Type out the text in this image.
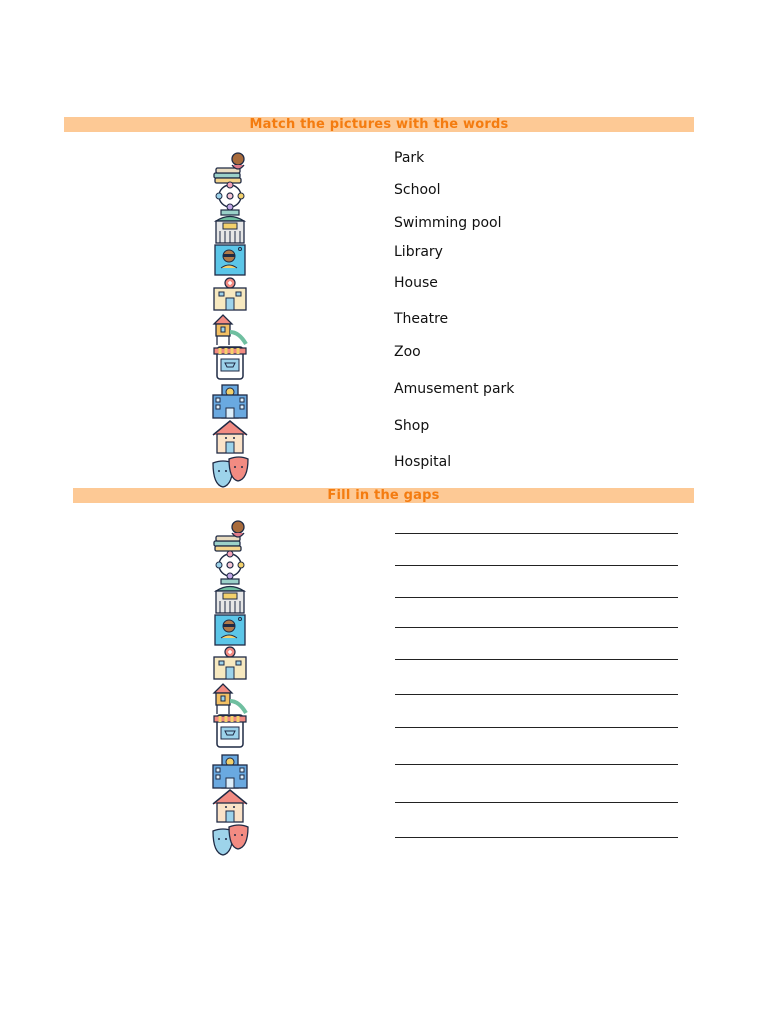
Match the pictures with the words
Park
School
Swimming pool
Library
House
Theatre
Zoo
Amusement park
Shop
Hospital
Fill in the gaps
